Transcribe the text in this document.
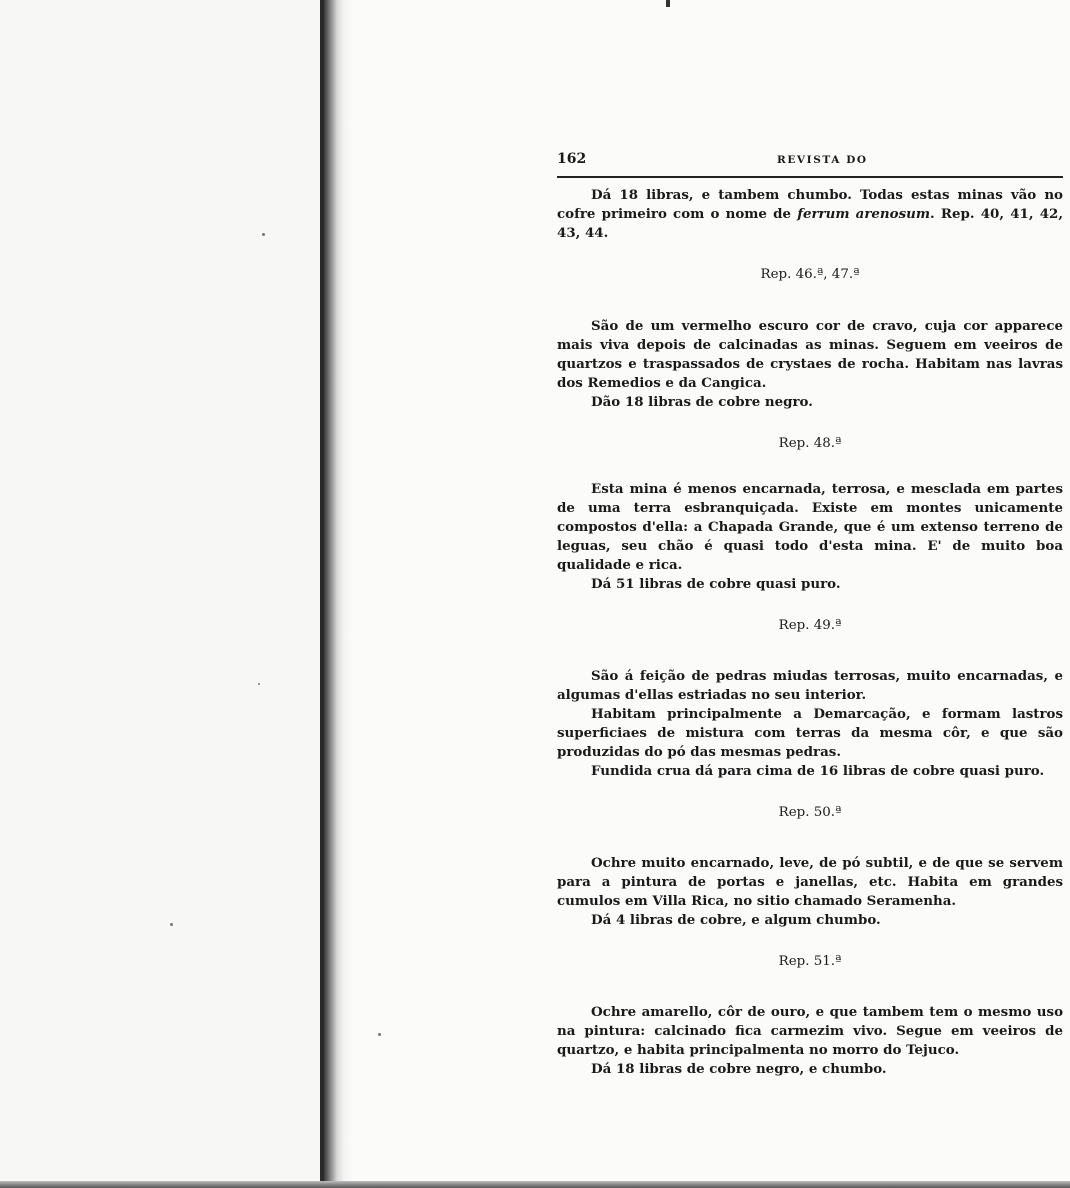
162	REVISTA DO

Dá 18 libras, e tambem chumbo. Todas estas minas vão no cofre primeiro com o nome de ferrum arenosum. Rep. 40, 41, 42, 43, 44.

Rep. 46.ª, 47.ª

São de um vermelho escuro cor de cravo, cuja cor apparece mais viva depois de calcinadas as minas. Seguem em veeiros de quartzos e traspassados de crystaes de rocha. Habitam nas lavras dos Remedios e da Cangica.

Dão 18 libras de cobre negro.

Rep. 48.ª

Esta mina é menos encarnada, terrosa, e mesclada em partes de uma terra esbranquiçada. Existe em montes unicamente compostos d'ella: a Chapada Grande, que é um extenso terreno de leguas, seu chão é quasi todo d'esta mina. E' de muito boa qualidade e rica.

Dá 51 libras de cobre quasi puro.

Rep. 49.ª

São á feição de pedras miudas terrosas, muito encarnadas, e algumas d'ellas estriadas no seu interior.

Habitam principalmente a Demarcação, e formam lastros superficiaes de mistura com terras da mesma côr, e que são produzidas do pó das mesmas pedras.

Fundida crua dá para cima de 16 libras de cobre quasi puro.

Rep. 50.ª

Ochre muito encarnado, leve, de pó subtil, e de que se servem para a pintura de portas e janellas, etc. Habita em grandes cumulos em Villa Rica, no sitio chamado Seramenha.

Dá 4 libras de cobre, e algum chumbo.

Rep. 51.ª

Ochre amarello, côr de ouro, e que tambem tem o mesmo uso na pintura: calcinado fica carmezim vivo. Segue em veeiros de quartzo, e habita principalmenta no morro do Tejuco.

Dá 18 libras de cobre negro, e chumbo.
